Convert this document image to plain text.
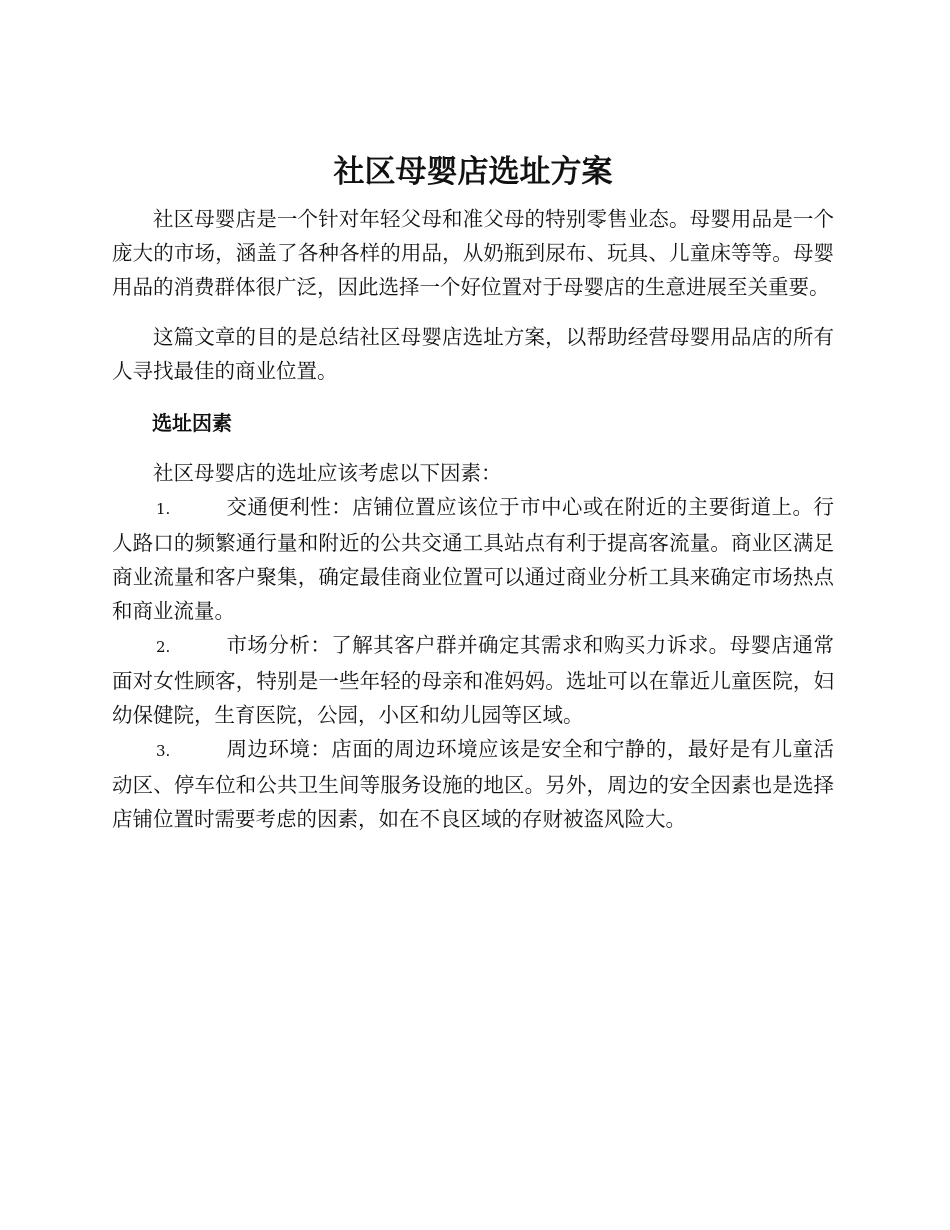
社区母婴店选址方案

社区母婴店是一个针对年轻父母和准父母的特别零售业态。母婴用品是一个庞大的市场，涵盖了各种各样的用品，从奶瓶到尿布、玩具、儿童床等等。母婴用品的消费群体很广泛，因此选择一个好位置对于母婴店的生意进展至关重要。

这篇文章的目的是总结社区母婴店选址方案，以帮助经营母婴用品店的所有人寻找最佳的商业位置。

选址因素

社区母婴店的选址应该考虑以下因素：

1.	交通便利性：店铺位置应该位于市中心或在附近的主要街道上。行人路口的频繁通行量和附近的公共交通工具站点有利于提高客流量。商业区满足商业流量和客户聚集，确定最佳商业位置可以通过商业分析工具来确定市场热点和商业流量。

2.	市场分析：了解其客户群并确定其需求和购买力诉求。母婴店通常面对女性顾客，特别是一些年轻的母亲和准妈妈。选址可以在靠近儿童医院，妇幼保健院，生育医院，公园，小区和幼儿园等区域。

3.	周边环境：店面的周边环境应该是安全和宁静的，最好是有儿童活动区、停车位和公共卫生间等服务设施的地区。另外，周边的安全因素也是选择店铺位置时需要考虑的因素，如在不良区域的存财被盗风险大。
